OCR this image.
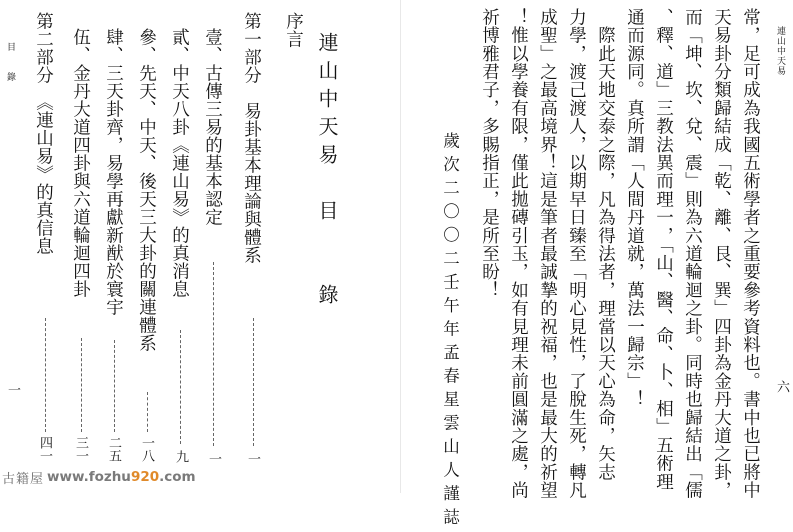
目　　錄
一
連山中天易　目　　錄
序言
第一部分　易卦基本理論與體系
一
壹、古傳三易的基本認定
一
貳、中天八卦《連山易》的真消息
九
參、先天、中天、後天三大卦的關連體系
一八
肆、三天卦齊，易學再獻新猷於寰宇
二五
伍、金丹大道四卦與六道輪迴四卦
三一
第二部分　《連山易》的真信息
四一
連山中天易
六
常，足可成為我國五術學者之重要參考資料也。書中也已將中
天易卦分類歸結成「乾、離、艮、巽」四卦為金丹大道之卦，
而「坤、坎、兌、震」則為六道輪迴之卦。同時也歸結出「儒
、釋、道」三教法異而理一，「山、醫、命、卜、相」五術理
通而源同。真所謂「人間丹道就，萬法一歸宗」！
　際此天地交泰之際，凡為得法者，理當以天心為命，矢志
力學，渡己渡人，以期早日臻至「明心見性，了脫生死，轉凡
成聖」之最高境界！這是筆者最誠摯的祝福，也是最大的祈望
！惟以學養有限，僅此拋磚引玉，如有見理未前圓滿之處，尚
祈博雅君子，多賜指正，是所至盼！
歲次二〇〇二壬午年孟春星雲山人謹誌
古籍屋 www.fozhu920.com
